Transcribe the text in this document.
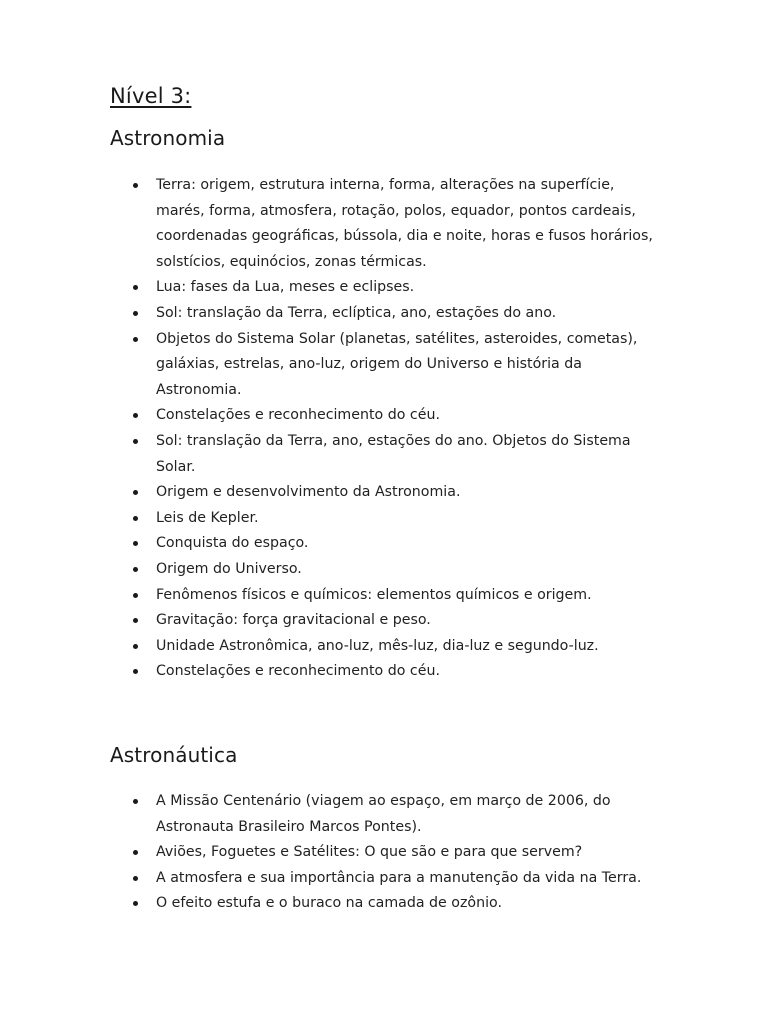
Nível 3:
Astronomia
Terra: origem, estrutura interna, forma, alterações na superfície, marés, forma, atmosfera, rotação, polos, equador, pontos cardeais, coordenadas geográficas, bússola, dia e noite, horas e fusos horários, solstícios, equinócios, zonas térmicas.
Lua: fases da Lua, meses e eclipses.
Sol: translação da Terra, eclíptica, ano, estações do ano.
Objetos do Sistema Solar (planetas, satélites, asteroides, cometas), galáxias, estrelas, ano-luz, origem do Universo e história da Astronomia.
Constelações e reconhecimento do céu.
Sol: translação da Terra, ano, estações do ano. Objetos do Sistema Solar.
Origem e desenvolvimento da Astronomia.
Leis de Kepler.
Conquista do espaço.
Origem do Universo.
Fenômenos físicos e químicos: elementos químicos e origem.
Gravitação: força gravitacional e peso.
Unidade Astronômica, ano-luz, mês-luz, dia-luz e segundo-luz.
Constelações e reconhecimento do céu.
Astronáutica
A Missão Centenário (viagem ao espaço, em março de 2006, do Astronauta Brasileiro Marcos Pontes).
Aviões, Foguetes e Satélites: O que são e para que servem?
A atmosfera e sua importância para a manutenção da vida na Terra.
O efeito estufa e o buraco na camada de ozônio.
